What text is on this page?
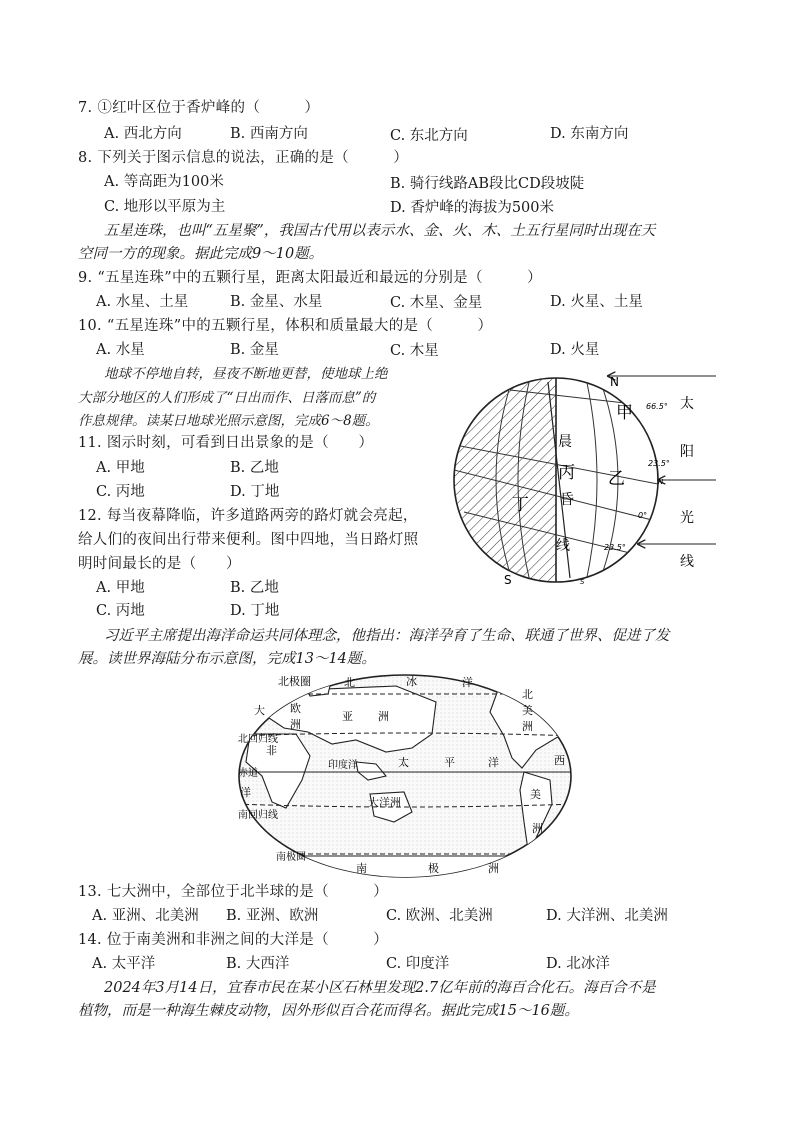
7. ①红叶区位于香炉峰的（　　　）
A. 西北方向	B. 西南方向	C. 东北方向	D. 东南方向
8. 下列关于图示信息的说法，正确的是（　　　）
A. 等高距为100米	B. 骑行线路AB段比CD段坡陡
C. 地形以平原为主	D. 香炉峰的海拔为500米
五星连珠，也叫“五星聚”，我国古代用以表示水、金、火、木、土五行星同时出现在天
空同一方的现象。据此完成9～10题。
9. “五星连珠”中的五颗行星，距离太阳最近和最远的分别是（　　　）
A. 水星、土星	B. 金星、水星	C. 木星、金星	D. 火星、土星
10. “五星连珠”中的五颗行星，体积和质量最大的是（　　　）
A. 水星	B. 金星	C. 木星	D. 火星
地球不停地自转，昼夜不断地更替，使地球上绝
大部分地区的人们形成了“日出而作、日落而息”的
作息规律。读某日地球光照示意图，完成6～8题。
11. 图示时刻，可看到日出景象的是（　　）
A. 甲地	B. 乙地
C. 丙地	D. 丁地
12. 每当夜幕降临，许多道路两旁的路灯就会亮起，
给人们的夜间出行带来便利。图中四地，当日路灯照
明时间最长的是（　　）
A. 甲地	B. 乙地
C. 丙地	D. 丁地
N
S
甲
乙
丙
丁
晨
昏
线
66.5°
23.5°
0°
23.5°
N
S
太
阳
光
线
习近平主席提出海洋命运共同体理念，他指出：海洋孕育了生命、联通了世界、促进了发
展。读世界海陆分布示意图，完成13～14题。
北极圈	北	冰	洋
大 欧
洲
亚 洲
北
美
洲
北回归线
非
赤道
印度洋	太	平	洋	西
洋	美
洲
大洋洲
南回归线
南极圈
南	极	洲
13. 七大洲中，全部位于北半球的是（　　　）
A. 亚洲、北美洲 B. 亚洲、欧洲	C. 欧洲、北美洲	D. 大洋洲、北美洲
14. 位于南美洲和非洲之间的大洋是（　　　）
A. 太平洋	B. 大西洋	C. 印度洋	D. 北冰洋
2024年3月14日，宜春市民在某小区石林里发现2.7亿年前的海百合化石。海百合不是
植物，而是一种海生棘皮动物，因外形似百合花而得名。据此完成15～16题。
